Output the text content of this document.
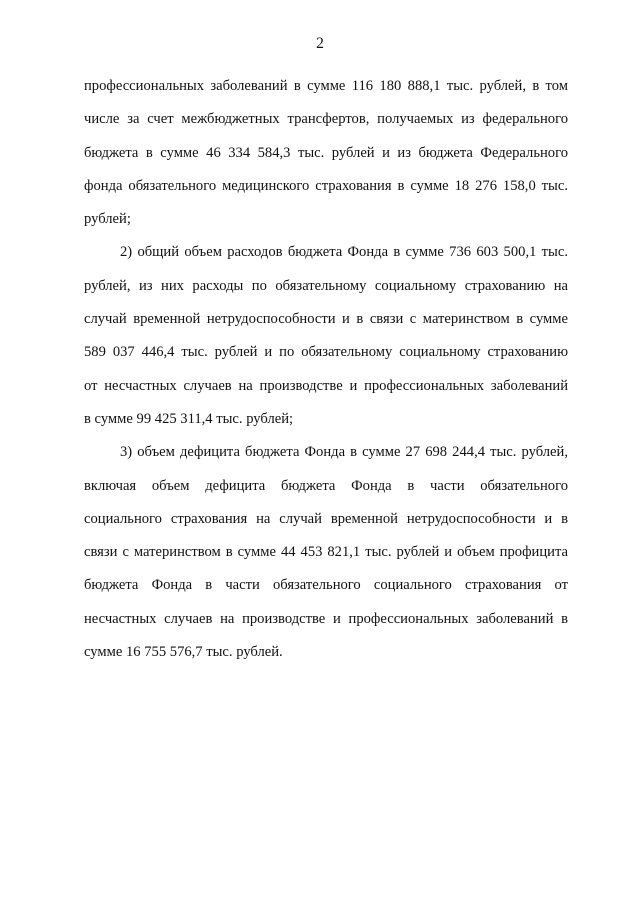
2
профессиональных заболеваний в сумме 116 180 888,1 тыс. рублей, в том
числе за счет межбюджетных трансфертов, получаемых из федерального
бюджета в сумме 46 334 584,3 тыс. рублей и из бюджета Федерального
фонда обязательного медицинского страхования в сумме 18 276 158,0 тыс.
рублей;
2) общий объем расходов бюджета Фонда в сумме 736 603 500,1 тыс.
рублей, из них расходы по обязательному социальному страхованию на
случай временной нетрудоспособности и в связи с материнством в сумме
589 037 446,4 тыс. рублей и по обязательному социальному страхованию
от несчастных случаев на производстве и профессиональных заболеваний
в сумме 99 425 311,4 тыс. рублей;
3) объем дефицита бюджета Фонда в сумме 27 698 244,4 тыс. рублей,
включая объем дефицита бюджета Фонда в части обязательного
социального страхования на случай временной нетрудоспособности и в
связи с материнством в сумме 44 453 821,1 тыс. рублей и объем профицита
бюджета Фонда в части обязательного социального страхования от
несчастных случаев на производстве и профессиональных заболеваний в
сумме 16 755 576,7 тыс. рублей.
